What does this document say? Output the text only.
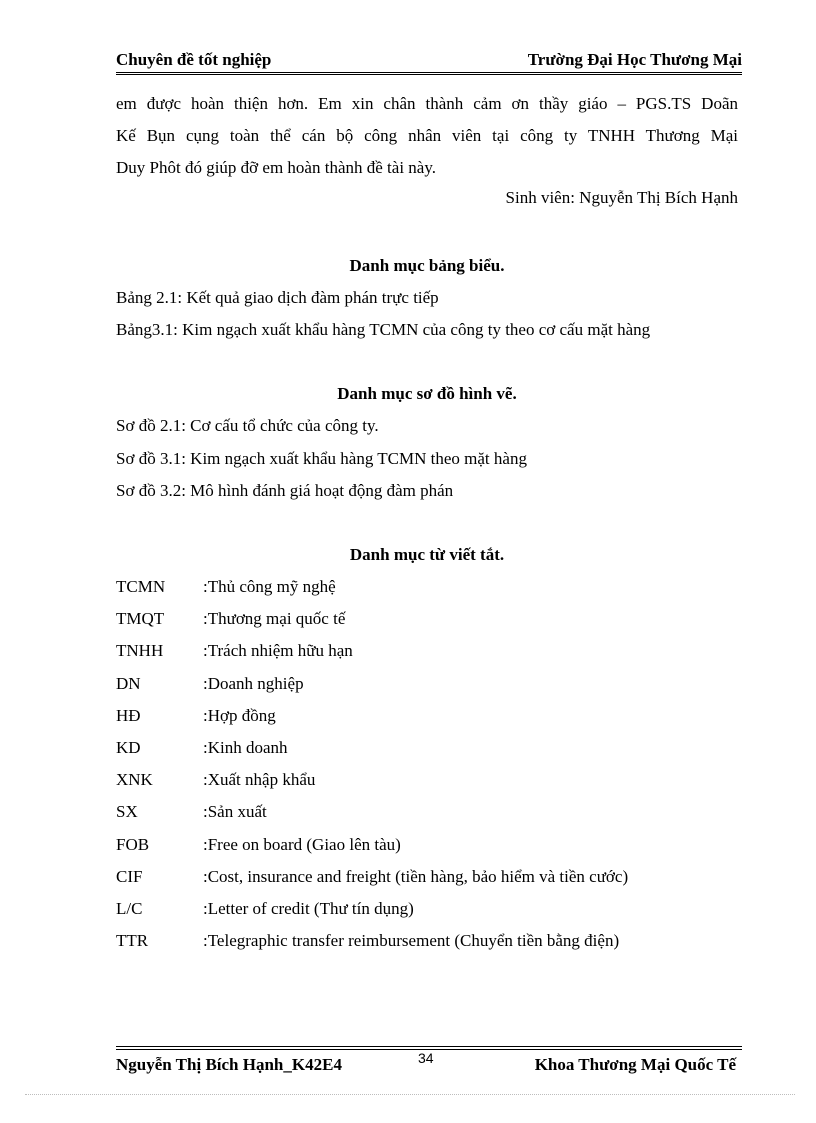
Chuyên đề tốt nghiệp	Trường Đại Học Thương Mại
em được hoàn thiện hơn. Em xin chân thành cảm ơn thầy giáo – PGS.TS Doãn
Kế Bụn cụng toàn thể cán bộ công nhân viên tại công ty TNHH Thương Mại
Duy Phôt đó giúp đỡ em hoàn thành đề tài này.
Sinh viên: Nguyễn Thị Bích Hạnh
Danh mục bảng biểu.
Bảng 2.1: Kết quả giao dịch đàm phán trực tiếp
Bảng3.1: Kim ngạch xuất khẩu hàng TCMN của công ty theo cơ cấu mặt hàng
Danh mục sơ đồ hình vẽ.
Sơ đồ 2.1: Cơ cấu tổ chức của công ty.
Sơ đồ 3.1: Kim ngạch xuất khẩu hàng TCMN theo mặt hàng
Sơ đồ 3.2: Mô hình đánh giá hoạt động đàm phán
Danh mục từ viết tắt.
TCMN :Thủ công mỹ nghệ
TMQT :Thương mại quốc tế
TNHH :Trách nhiệm hữu hạn
DN	:Doanh nghiệp
HĐ	:Hợp đồng
KD	:Kinh doanh
XNK	:Xuất nhập khẩu
SX	:Sản xuất
FOB	:Free on board (Giao lên tàu)
CIF	:Cost, insurance and freight (tiền hàng, bảo hiểm và tiền cước)
L/C	:Letter of credit (Thư tín dụng)
TTR	:Telegraphic transfer reimbursement (Chuyển tiền bằng điện)
Nguyễn Thị Bích Hạnh_K42E4	34	Khoa Thương Mại Quốc Tế
